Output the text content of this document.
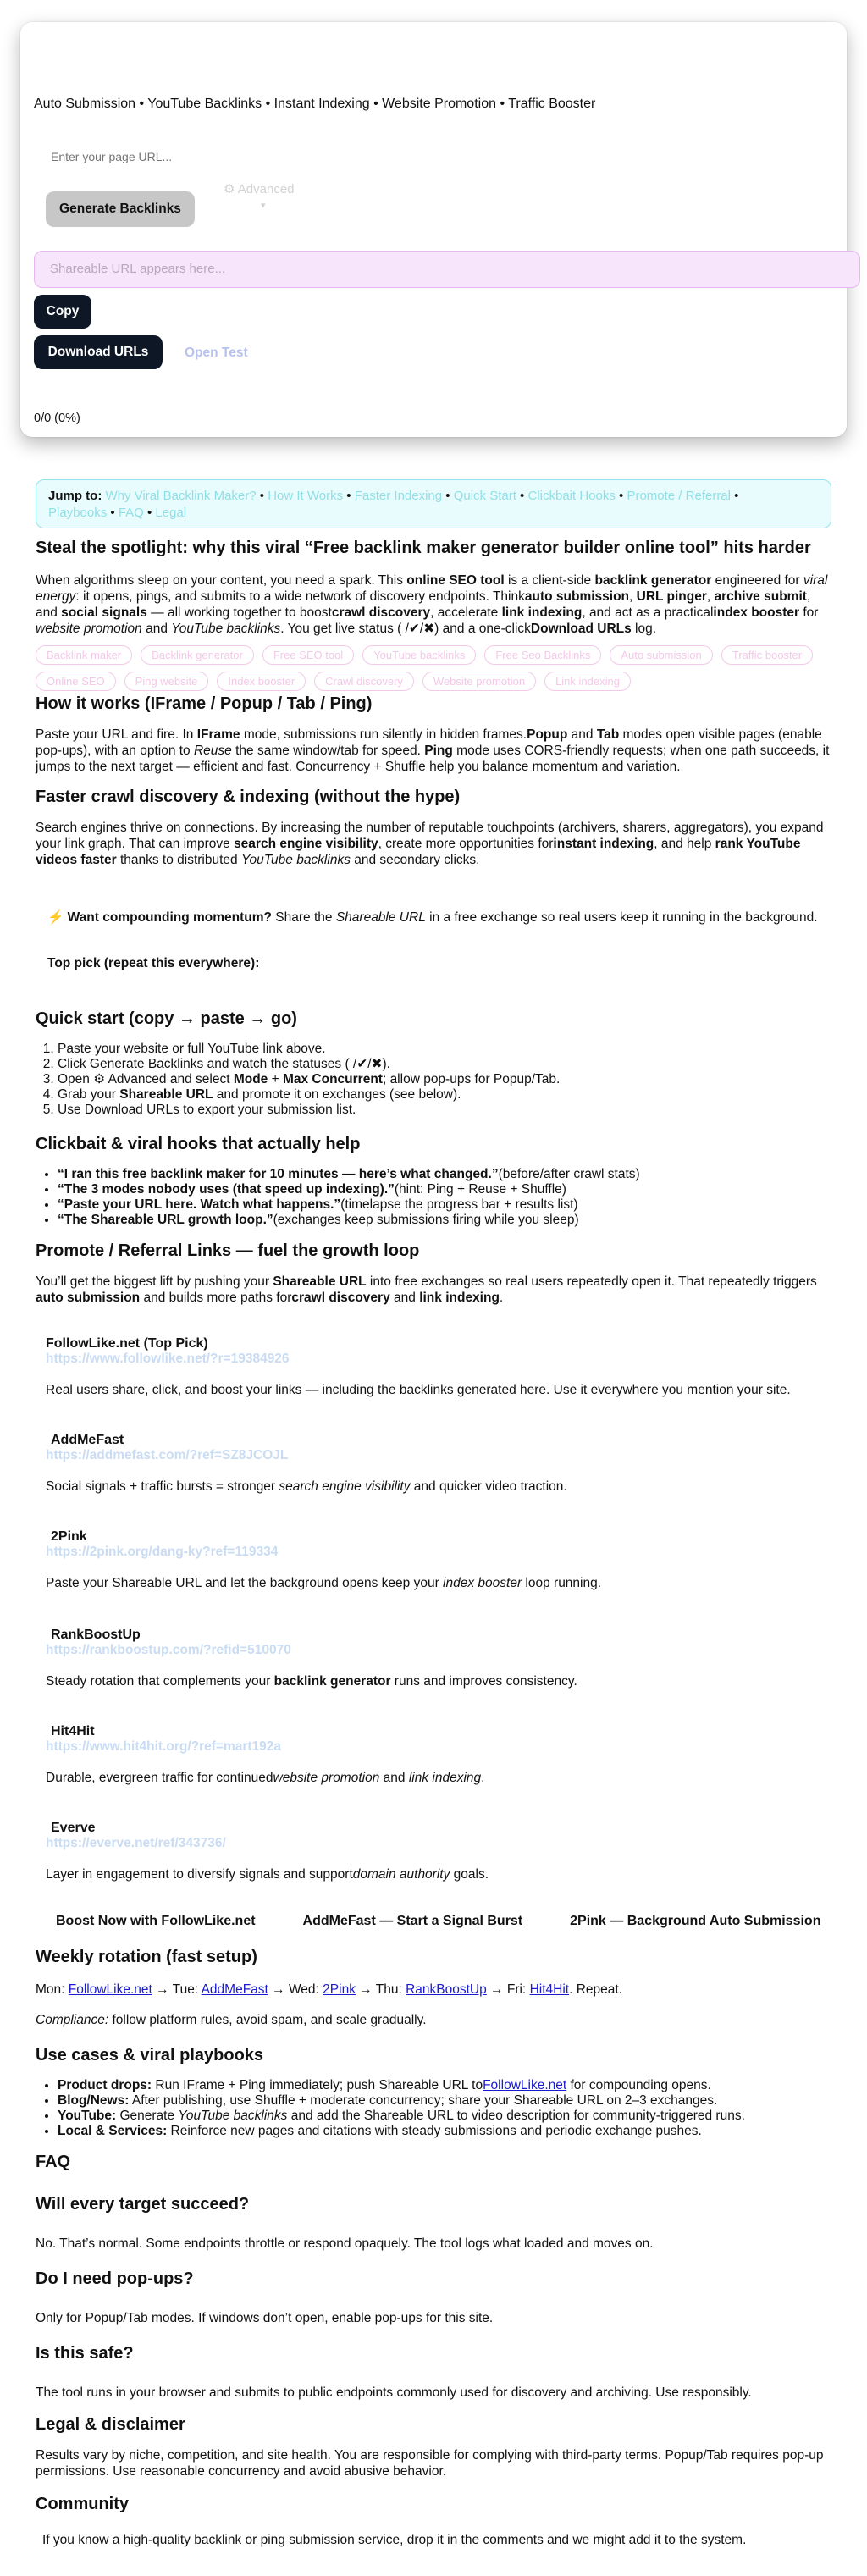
Auto Submission • YouTube Backlinks • Instant Indexing • Website Promotion • Traffic Booster
Enter your page URL...
Generate Backlinks
⚙ Advanced
▾
Shareable URL appears here...
Copy
Download URLs	Open Test
0/0 (0%)
Jump to: Why Viral Backlink Maker? • How It Works • Faster Indexing • Quick Start • Clickbait Hooks • Promote / Referral •
Playbooks • FAQ • Legal
Steal the spotlight: why this viral “Free backlink maker generator builder online tool” hits harder

When algorithms sleep on your content, you need a spark. This online SEO tool is a client-side backlink generator engineered for viral energy: it opens, pings, and submits to a wide network of discovery endpoints. Thinkauto submission, URL pinger, archive submit, and social signals — all working together to boostcrawl discovery, accelerate link indexing, and act as a practicalindex booster for website promotion and YouTube backlinks. You get live status ( /✔/✖) and a one-clickDownload URLs log.

Backlink maker	Backlink generator	Free SEO tool	YouTube backlinks	Free Seo Backlinks	Auto submission	Traffic booster
Online SEO	Ping website	Index booster	Crawl discovery	Website promotion	Link indexing
How it works (IFrame / Popup / Tab / Ping)

Paste your URL and fire. In IFrame mode, submissions run silently in hidden frames.Popup and Tab modes open visible pages (enable pop-ups), with an option to Reuse the same window/tab for speed. Ping mode uses CORS-friendly requests; when one path succeeds, it jumps to the next target — efficient and fast. Concurrency + Shuffle help you balance momentum and variation.

Faster crawl discovery & indexing (without the hype)

Search engines thrive on connections. By increasing the number of reputable touchpoints (archivers, sharers, aggregators), you expand your link graph. That can improve search engine visibility, create more opportunities forinstant indexing, and help rank YouTube videos faster thanks to distributed YouTube backlinks and secondary clicks.

⚡ Want compounding momentum? Share the Shareable URL in a free exchange so real users keep it running in the background.

Top pick (repeat this everywhere):

Quick start (copy → paste → go)
1. Paste your website or full YouTube link above.
2. Click Generate Backlinks and watch the statuses ( /✔/✖).
3. Open ⚙ Advanced and select Mode + Max Concurrent; allow pop-ups for Popup/Tab.
4. Grab your Shareable URL and promote it on exchanges (see below).
5. Use Download URLs to export your submission list.
Clickbait & viral hooks that actually help
• “I ran this free backlink maker for 10 minutes — here’s what changed.”(before/after crawl stats)
• “The 3 modes nobody uses (that speed up indexing).”(hint: Ping + Reuse + Shuffle)
• “Paste your URL here. Watch what happens.”(timelapse the progress bar + results list)
• “The Shareable URL growth loop.”(exchanges keep submissions firing while you sleep)
Promote / Referral Links — fuel the growth loop

You’ll get the biggest lift by pushing your Shareable URL into free exchanges so real users repeatedly open it. That repeatedly triggers auto submission and builds more paths forcrawl discovery and link indexing.

FollowLike.net (Top Pick)
https://www.followlike.net/?r=19384926

Real users share, click, and boost your links — including the backlinks generated here. Use it everywhere you mention your site.

AddMeFast
https://addmefast.com/?ref=SZ8JCOJL

Social signals + traffic bursts = stronger search engine visibility and quicker video traction.

2Pink
https://2pink.org/dang-ky?ref=119334

Paste your Shareable URL and let the background opens keep your index booster loop running.

RankBoostUp
https://rankboostup.com/?refid=510070

Steady rotation that complements your backlink generator runs and improves consistency.

Hit4Hit
https://www.hit4hit.org/?ref=mart192a

Durable, evergreen traffic for continuedwebsite promotion and link indexing.

Everve
https://everve.net/ref/343736/

Layer in engagement to diversify signals and supportdomain authority goals.

Boost Now with FollowLike.net	AddMeFast — Start a Signal Burst	2Pink — Background Auto Submission
Weekly rotation (fast setup)

Mon: FollowLike.net → Tue: AddMeFast → Wed: 2Pink → Thu: RankBoostUp → Fri: Hit4Hit. Repeat.

Compliance: follow platform rules, avoid spam, and scale gradually.

Use cases & viral playbooks
• Product drops: Run IFrame + Ping immediately; push Shareable URL toFollowLike.net for compounding opens.
• Blog/News: After publishing, use Shuffle + moderate concurrency; share your Shareable URL on 2–3 exchanges.
• YouTube: Generate YouTube backlinks and add the Shareable URL to video description for community-triggered runs.
• Local & Services: Reinforce new pages and citations with steady submissions and periodic exchange pushes.
FAQ
Will every target succeed?

No. That’s normal. Some endpoints throttle or respond opaquely. The tool logs what loaded and moves on.

Do I need pop-ups?

Only for Popup/Tab modes. If windows don’t open, enable pop-ups for this site.

Is this safe?

The tool runs in your browser and submits to public endpoints commonly used for discovery and archiving. Use responsibly.

Legal & disclaimer

Results vary by niche, competition, and site health. You are responsible for complying with third-party terms. Popup/Tab requires pop-up permissions. Use reasonable concurrency and avoid abusive behavior.

Community

If you know a high-quality backlink or ping submission service, drop it in the comments and we might add it to the system.
